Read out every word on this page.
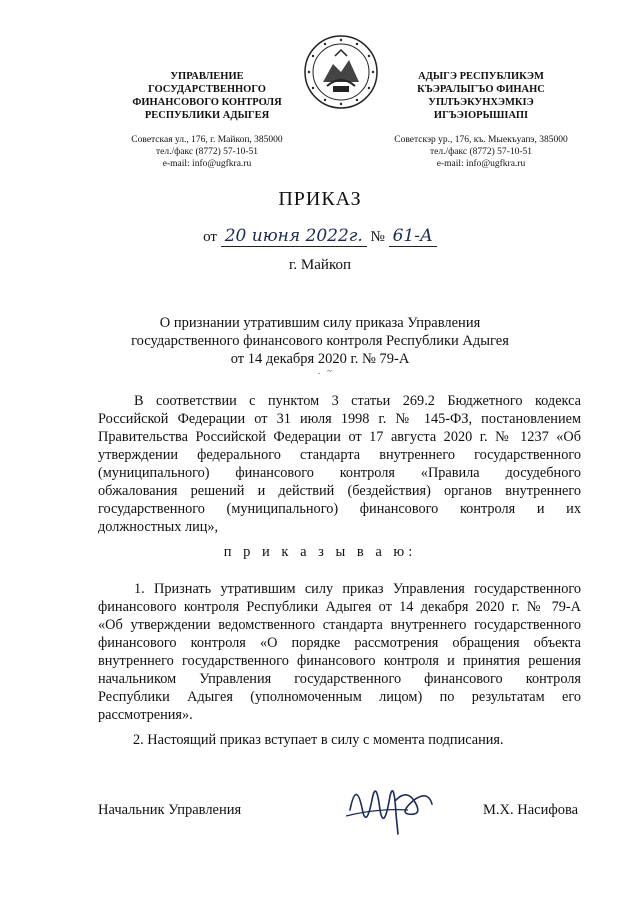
УПРАВЛЕНИЕ
ГОСУДАРСТВЕННОГО
ФИНАНСОВОГО КОНТРОЛЯ
РЕСПУБЛИКИ АДЫГЕЯ
Советская ул., 176, г. Майкоп, 385000
тел./факс (8772) 57-10-51
e-mail: info@ugfkra.ru
АДЫГЭ РЕСПУБЛИКЭМ
КЪЭРАЛЫГЪО ФИНАНС
УПЛЪЭКУНХЭМКІЭ
ИГЪЭІОРЫШІАПІ
Советскэр ур., 176, къ. Мыекъуапэ, 385000
тел./факс (8772) 57-10-51
e-mail: info@ugfkra.ru
ПРИКАЗ
от 20 июня 2022г. № 61-А
г. Майкоп
О признании утратившим силу приказа Управления
государственного финансового контроля Республики Адыгея
от 14 декабря 2020 г. № 79-А
.   ~
В соответствии с пунктом 3 статьи 269.2 Бюджетного кодекса
Российской Федерации от 31 июля 1998 г. № 145-ФЗ, постановлением
Правительства Российской Федерации от 17 августа 2020 г. № 1237 «Об
утверждении федерального стандарта внутреннего государственного
(муниципального) финансового контроля «Правила досудебного
обжалования решений и действий (бездействия) органов внутреннего
государственного (муниципального) финансового контроля и их
должностных лиц»,
п р и к а з ы в а ю:
1. Признать утратившим силу приказ Управления государственного
финансового контроля Республики Адыгея от 14 декабря 2020 г. № 79-А
«Об утверждении ведомственного стандарта внутреннего государственного
финансового контроля «О порядке рассмотрения обращения объекта
внутреннего государственного финансового контроля и принятия решения
начальником Управления государственного финансового контроля
Республики Адыгея (уполномоченным лицом) по результатам его
рассмотрения».
2. Настоящий приказ вступает в силу с момента подписания.
Начальник Управления	М.Х. Насифова
